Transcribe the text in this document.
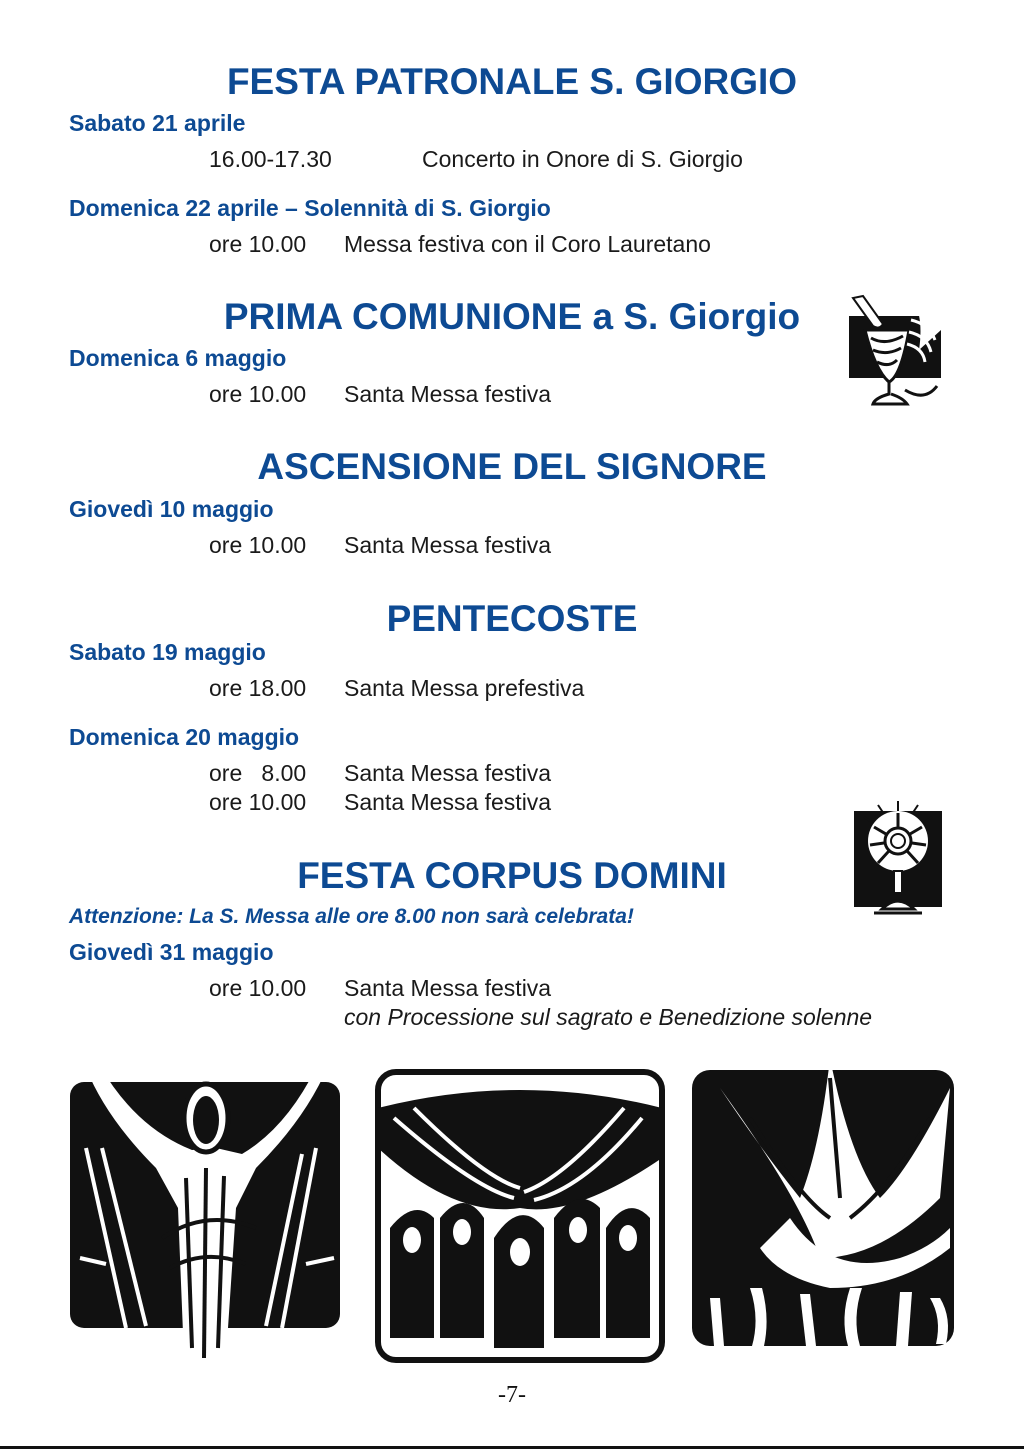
FESTA PATRONALE S. GIORGIO
Sabato 21 aprile
16.00-17.30	Concerto in Onore di S. Giorgio
Domenica 22 aprile – Solennità di S. Giorgio
ore 10.00 Messa festiva con il Coro Lauretano
PRIMA COMUNIONE a S. Giorgio
Domenica 6 maggio
ore 10.00 Santa Messa festiva
ASCENSIONE DEL SIGNORE
Giovedì 10 maggio
ore 10.00 Santa Messa festiva
PENTECOSTE
Sabato 19 maggio
ore 18.00 Santa Messa prefestiva
Domenica 20 maggio
ore   8.00 Santa Messa festiva
ore 10.00 Santa Messa festiva
FESTA CORPUS DOMINI
Attenzione: La S. Messa alle ore 8.00 non sarà celebrata!
Giovedì 31 maggio
ore 10.00 Santa Messa festiva
con Processione sul sagrato e Benedizione solenne
-7-
